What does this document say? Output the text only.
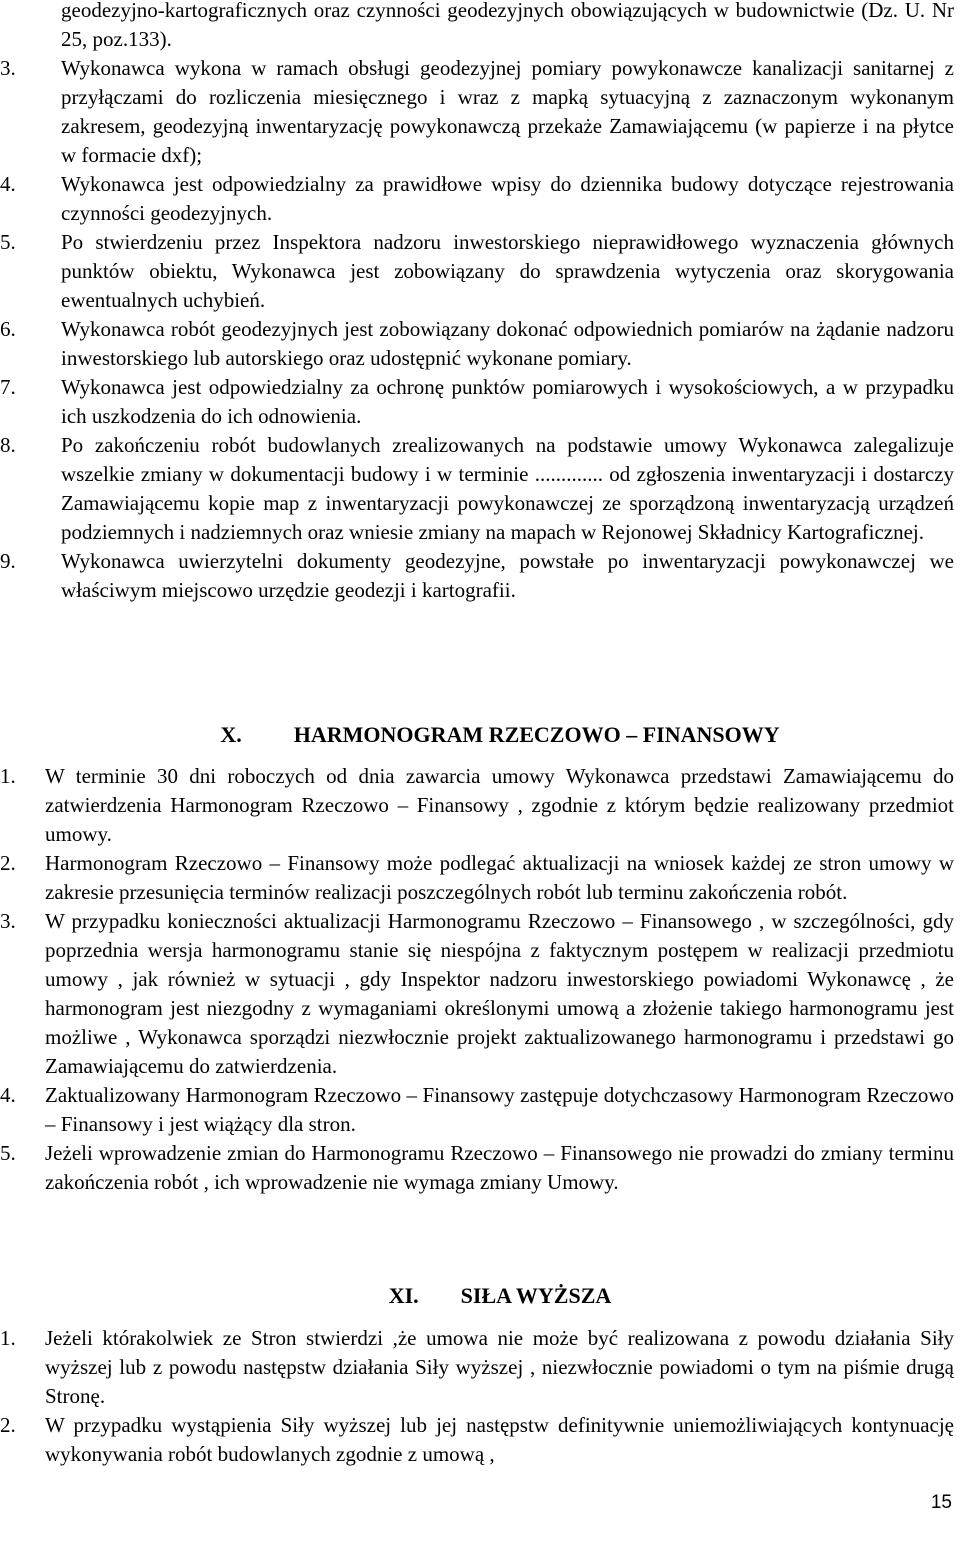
geodezyjno-kartograficznych oraz czynności geodezyjnych obowiązujących w budownictwie (Dz. U. Nr 25, poz.133).
3. Wykonawca wykona w ramach obsługi geodezyjnej pomiary powykonawcze kanalizacji sanitarnej z przyłączami do rozliczenia miesięcznego i wraz z mapką sytuacyjną z zaznaczonym wykonanym zakresem, geodezyjną inwentaryzację powykonawczą przekaże Zamawiającemu (w papierze i na płytce w formacie dxf);
4. Wykonawca jest odpowiedzialny za prawidłowe wpisy do dziennika budowy dotyczące rejestrowania czynności geodezyjnych.
5. Po stwierdzeniu przez Inspektora nadzoru inwestorskiego nieprawidłowego wyznaczenia głównych punktów obiektu, Wykonawca jest zobowiązany do sprawdzenia wytyczenia oraz skorygowania ewentualnych uchybień.
6. Wykonawca robót geodezyjnych jest zobowiązany dokonać odpowiednich pomiarów na żądanie nadzoru inwestorskiego lub autorskiego oraz udostępnić wykonane pomiary.
7. Wykonawca jest odpowiedzialny za ochronę punktów pomiarowych i wysokościowych, a w przypadku ich uszkodzenia do ich odnowienia.
8. Po zakończeniu robót budowlanych zrealizowanych na podstawie umowy Wykonawca zalegalizuje wszelkie zmiany w dokumentacji budowy i w terminie ............. od zgłoszenia inwentaryzacji i dostarczy Zamawiającemu kopie map z inwentaryzacji powykonawczej ze sporządzoną inwentaryzacją urządzeń podziemnych i nadziemnych oraz wniesie zmiany na mapach w Rejonowej Składnicy Kartograficznej.
9. Wykonawca uwierzytelni dokumenty geodezyjne, powstałe po inwentaryzacji powykonawczej we właściwym miejscowo urzędzie geodezji i kartografii.
X. HARMONOGRAM RZECZOWO – FINANSOWY
1. W terminie 30 dni roboczych od dnia zawarcia umowy Wykonawca przedstawi Zamawiającemu do zatwierdzenia Harmonogram Rzeczowo – Finansowy , zgodnie z którym będzie realizowany przedmiot umowy.
2. Harmonogram Rzeczowo – Finansowy może podlegać aktualizacji na wniosek każdej ze stron umowy w zakresie przesunięcia terminów realizacji poszczególnych robót lub terminu zakończenia robót.
3. W przypadku konieczności aktualizacji Harmonogramu Rzeczowo – Finansowego , w szczególności, gdy poprzednia wersja harmonogramu stanie się niespójna z faktycznym postępem w realizacji przedmiotu umowy , jak również w sytuacji , gdy Inspektor nadzoru inwestorskiego powiadomi Wykonawcę , że harmonogram jest niezgodny z wymaganiami określonymi umową a złożenie takiego harmonogramu jest możliwe , Wykonawca sporządzi niezwłocznie projekt zaktualizowanego harmonogramu i przedstawi go Zamawiającemu do zatwierdzenia.
4. Zaktualizowany Harmonogram Rzeczowo – Finansowy zastępuje dotychczasowy Harmonogram Rzeczowo – Finansowy i jest wiążący dla stron.
5. Jeżeli wprowadzenie zmian do Harmonogramu Rzeczowo – Finansowego nie prowadzi do zmiany terminu zakończenia robót , ich wprowadzenie nie wymaga zmiany Umowy.
XI. SIŁA WYŻSZA
1. Jeżeli którakolwiek ze Stron stwierdzi ,że umowa nie może być realizowana z powodu działania Siły wyższej lub z powodu następstw działania Siły wyższej , niezwłocznie powiadomi o tym na piśmie drugą Stronę.
2. W przypadku wystąpienia Siły wyższej lub jej następstw definitywnie uniemożliwiających kontynuację wykonywania robót budowlanych zgodnie z umową ,
15
